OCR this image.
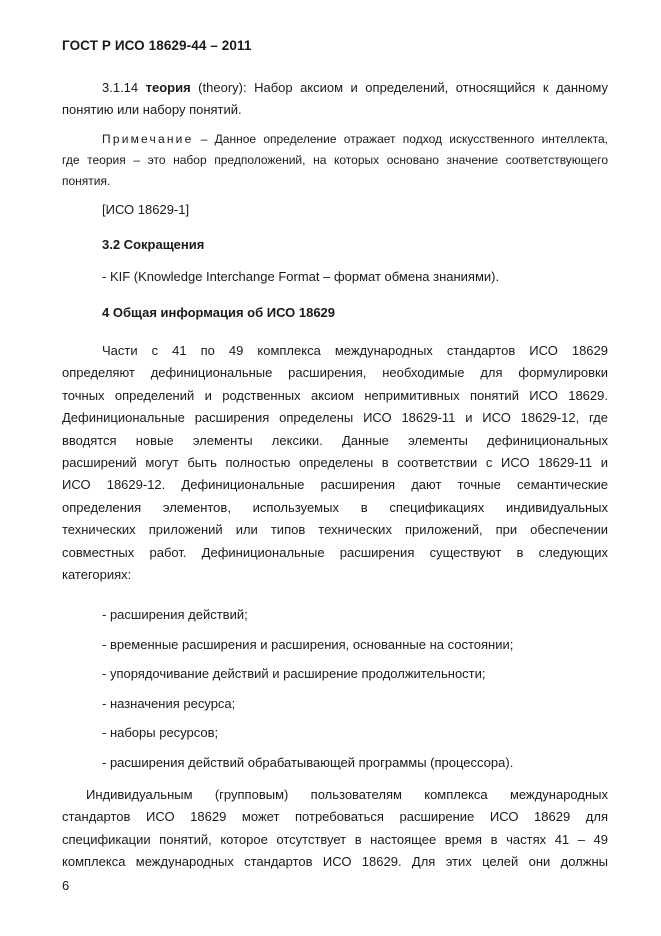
ГОСТ Р ИСО 18629-44 – 2011
3.1.14 теория (theory): Набор аксиом и определений, относящийся к данному
понятию или набору понятий.
Примечание – Данное определение отражает подход искусственного интеллекта,
где теория – это набор предположений, на которых основано значение соответствующего
понятия.
[ИСО 18629-1]
3.2 Сокращения
- KIF (Knowledge Interchange Format – формат обмена знаниями).
4 Общая информация об ИСО 18629
Части с 41 по 49 комплекса международных стандартов ИСО 18629
определяют дефинициональные расширения, необходимые для формулировки
точных определений и родственных аксиом непримитивных понятий ИСО 18629.
Дефинициональные расширения определены ИСО 18629-11 и ИСО 18629-12, где
вводятся новые элементы лексики. Данные элементы дефинициональных
расширений могут быть полностью определены в соответствии с ИСО 18629-11 и
ИСО 18629-12. Дефинициональные расширения дают точные семантические
определения элементов, используемых в спецификациях индивидуальных
технических приложений или типов технических приложений, при обеспечении
совместных работ. Дефинициональные расширения существуют в следующих
категориях:
- расширения действий;
- временные расширения и расширения, основанные на состоянии;
- упорядочивание действий и расширение продолжительности;
- назначения ресурса;
- наборы ресурсов;
- расширения действий обрабатывающей программы (процессора).
Индивидуальным (групповым) пользователям комплекса международных
стандартов ИСО 18629 может потребоваться расширение ИСО 18629 для
спецификации понятий, которое отсутствует в настоящее время в частях 41 – 49
комплекса международных стандартов ИСО 18629. Для этих целей они должны
6
